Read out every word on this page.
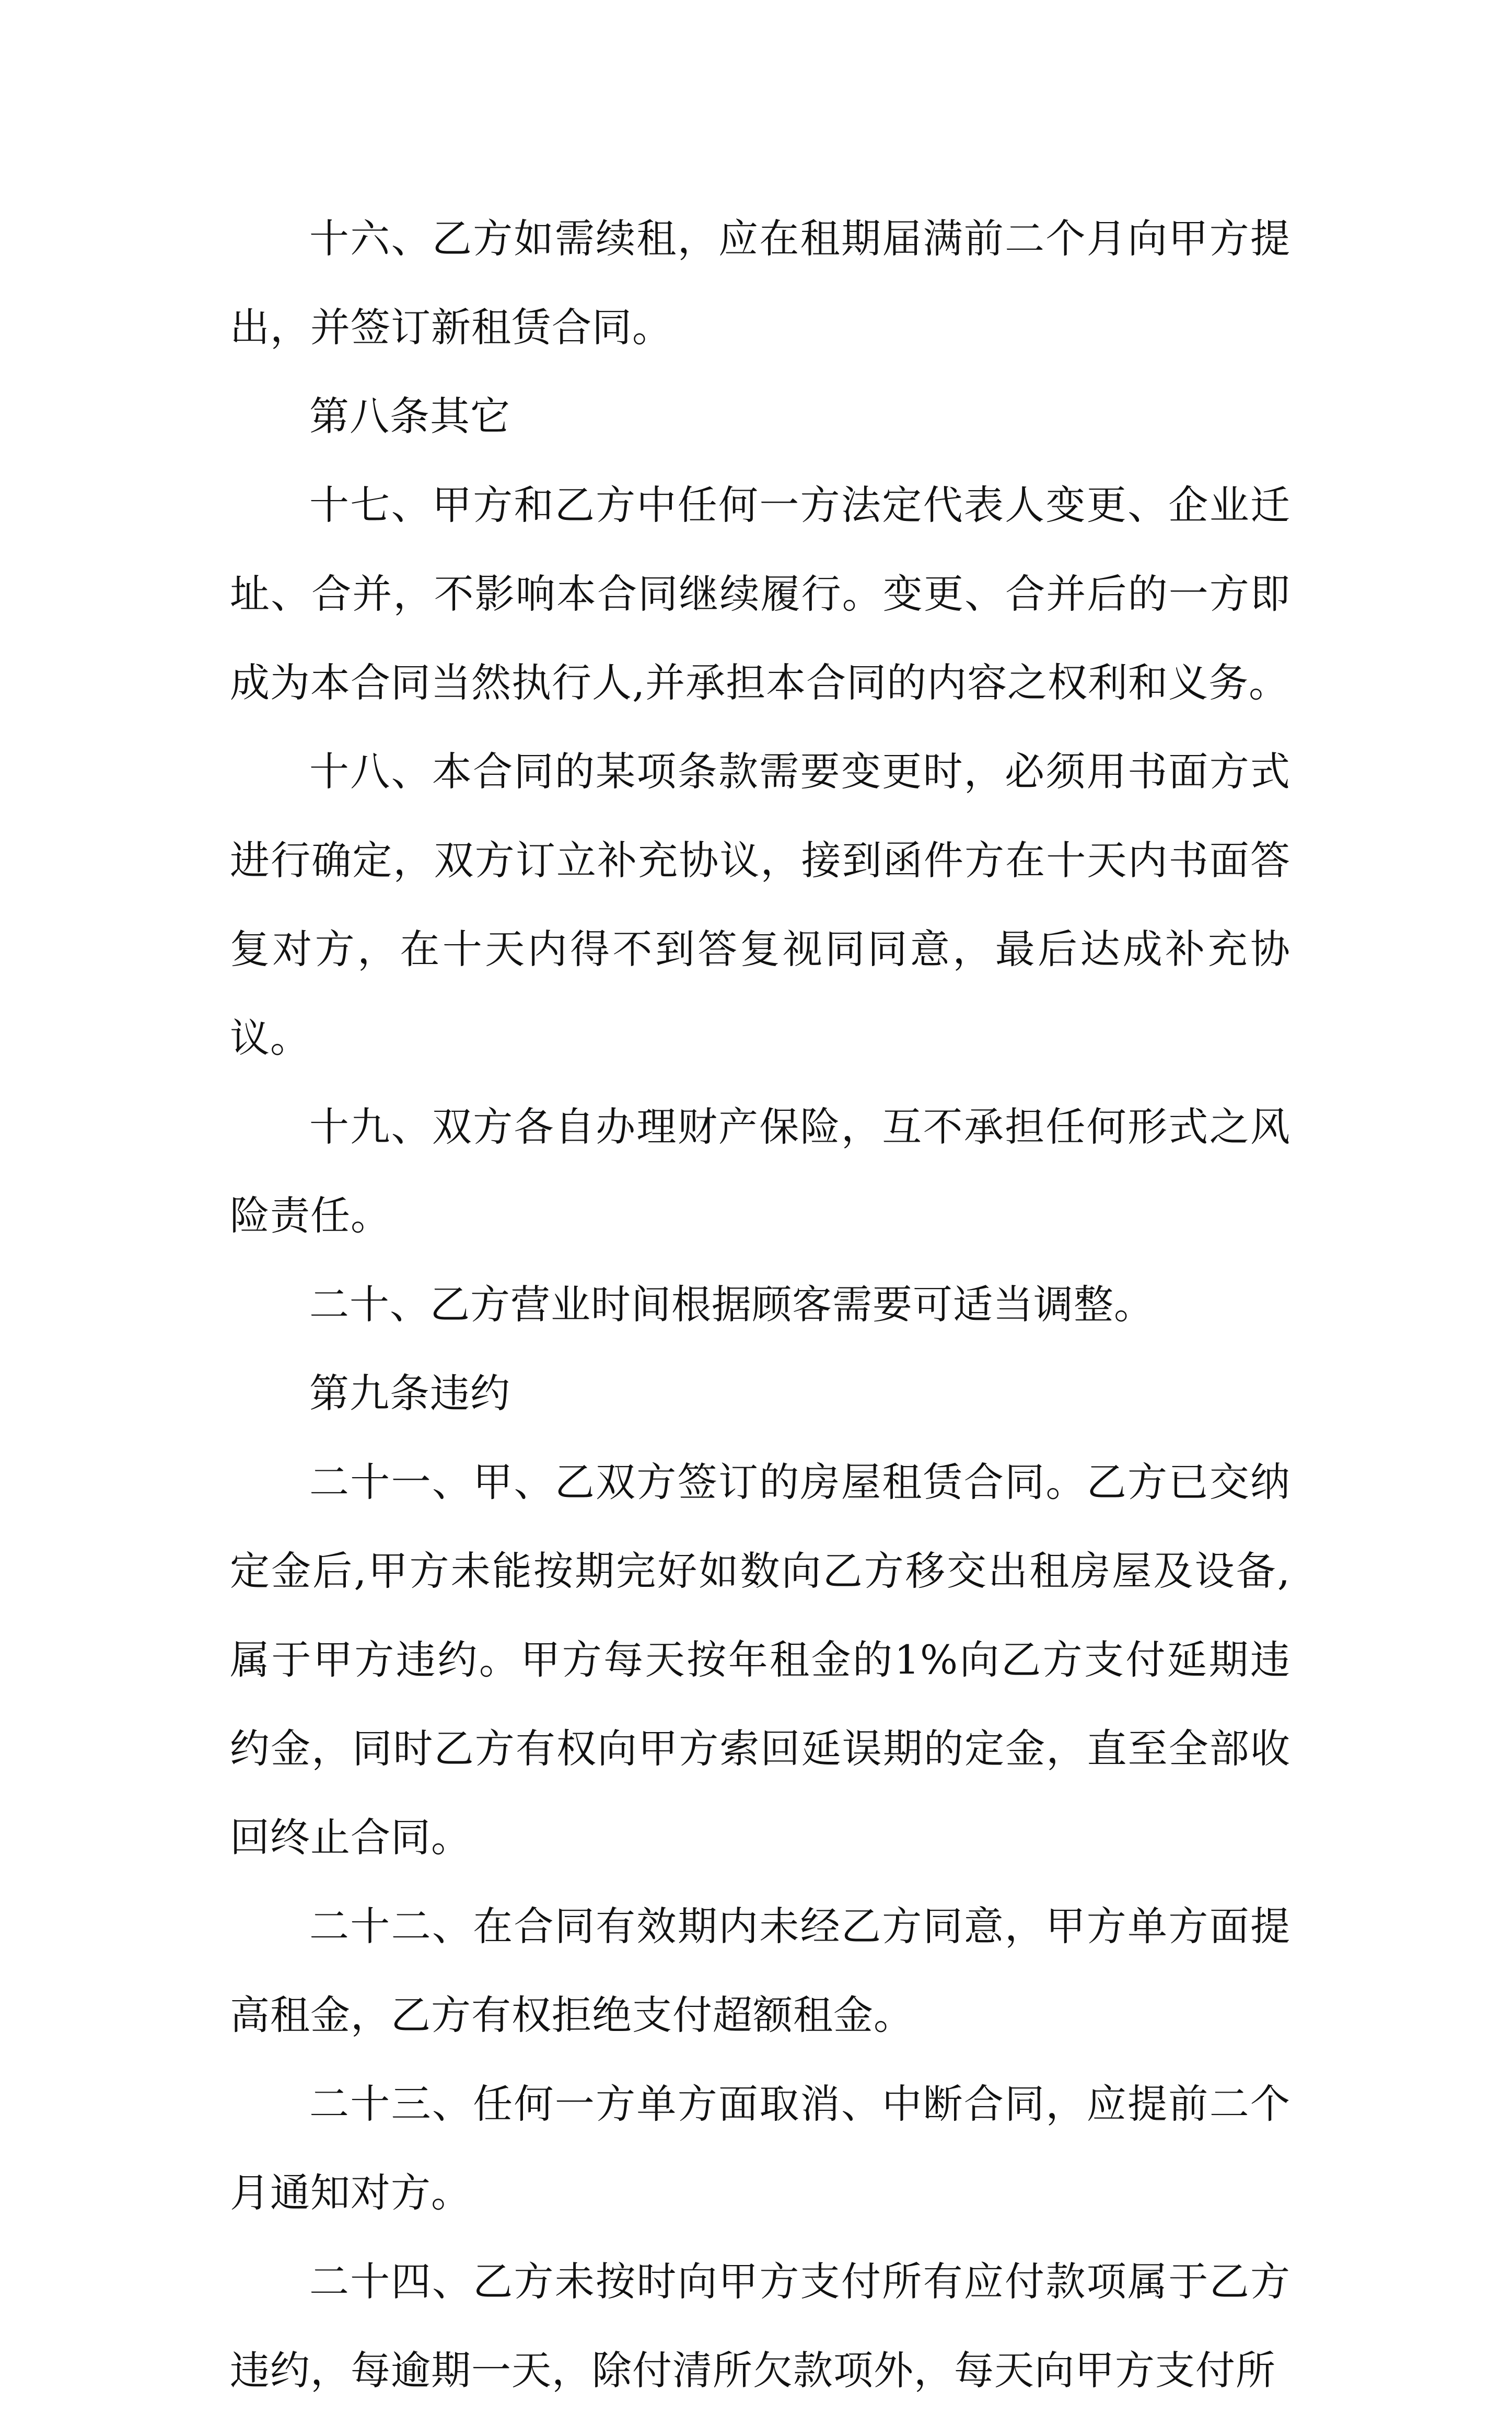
十六、乙方如需续租，应在租期届满前二个月向甲方提出，并签订新租赁合同。

第八条其它

十七、甲方和乙方中任何一方法定代表人变更、企业迁址、合并，不影响本合同继续履行。变更、合并后的一方即成为本合同当然执行人,并承担本合同的内容之权利和义务。

十八、本合同的某项条款需要变更时，必须用书面方式进行确定，双方订立补充协议，接到函件方在十天内书面答复对方，在十天内得不到答复视同同意，最后达成补充协议。

十九、双方各自办理财产保险，互不承担任何形式之风险责任。

二十、乙方营业时间根据顾客需要可适当调整。

第九条违约

二十一、甲、乙双方签订的房屋租赁合同。乙方已交纳定金后,甲方未能按期完好如数向乙方移交出租房屋及设备,属于甲方违约。甲方每天按年租金的1%向乙方支付延期违约金，同时乙方有权向甲方索回延误期的定金，直至全部收回终止合同。

二十二、在合同有效期内未经乙方同意，甲方单方面提高租金，乙方有权拒绝支付超额租金。

二十三、任何一方单方面取消、中断合同，应提前二个月通知对方。

二十四、乙方未按时向甲方支付所有应付款项属于乙方违约，每逾期一天，除付清所欠款项外，每天向甲方支付所
